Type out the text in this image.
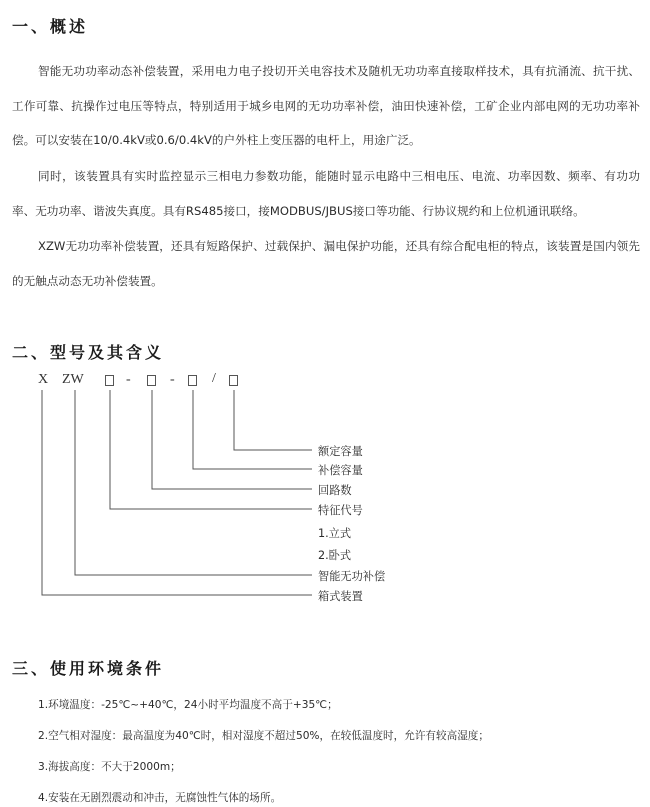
一、概述
智能无功功率动态补偿装置，采用电力电子投切开关电容技术及随机无功功率直接取样技术，具有抗涌流、抗干扰、工作可靠、抗操作过电压等特点，特别适用于城乡电网的无功功率补偿，油田快速补偿，工矿企业内部电网的无功功率补偿。可以安装在10/0.4kV或0.6/0.4kV的户外柱上变压器的电杆上，用途广泛。
同时，该装置具有实时监控显示三相电力参数功能，能随时显示电路中三相电压、电流、功率因数、频率、有功功率、无功功率、谐波失真度。具有RS485接口，接MODBUS/JBUS接口等功能、行协议规约和上位机通讯联络。
XZW无功功率补偿装置，还具有短路保护、过载保护、漏电保护功能，还具有综合配电柜的特点，该装置是国内领先的无触点动态无功补偿装置。
二、型号及其含义
X ZW	-	-	/
额定容量
补偿容量
回路数
特征代号
1.立式
2.卧式
智能无功补偿
箱式装置
三、使用环境条件
1.环境温度：-25℃~+40℃，24小时平均温度不高于+35℃；
2.空气相对湿度：最高温度为40℃时，相对湿度不超过50%，在较低温度时，允许有较高湿度；
3.海拔高度：不大于2000m；
4.安装在无剧烈震动和冲击，无腐蚀性气体的场所。
